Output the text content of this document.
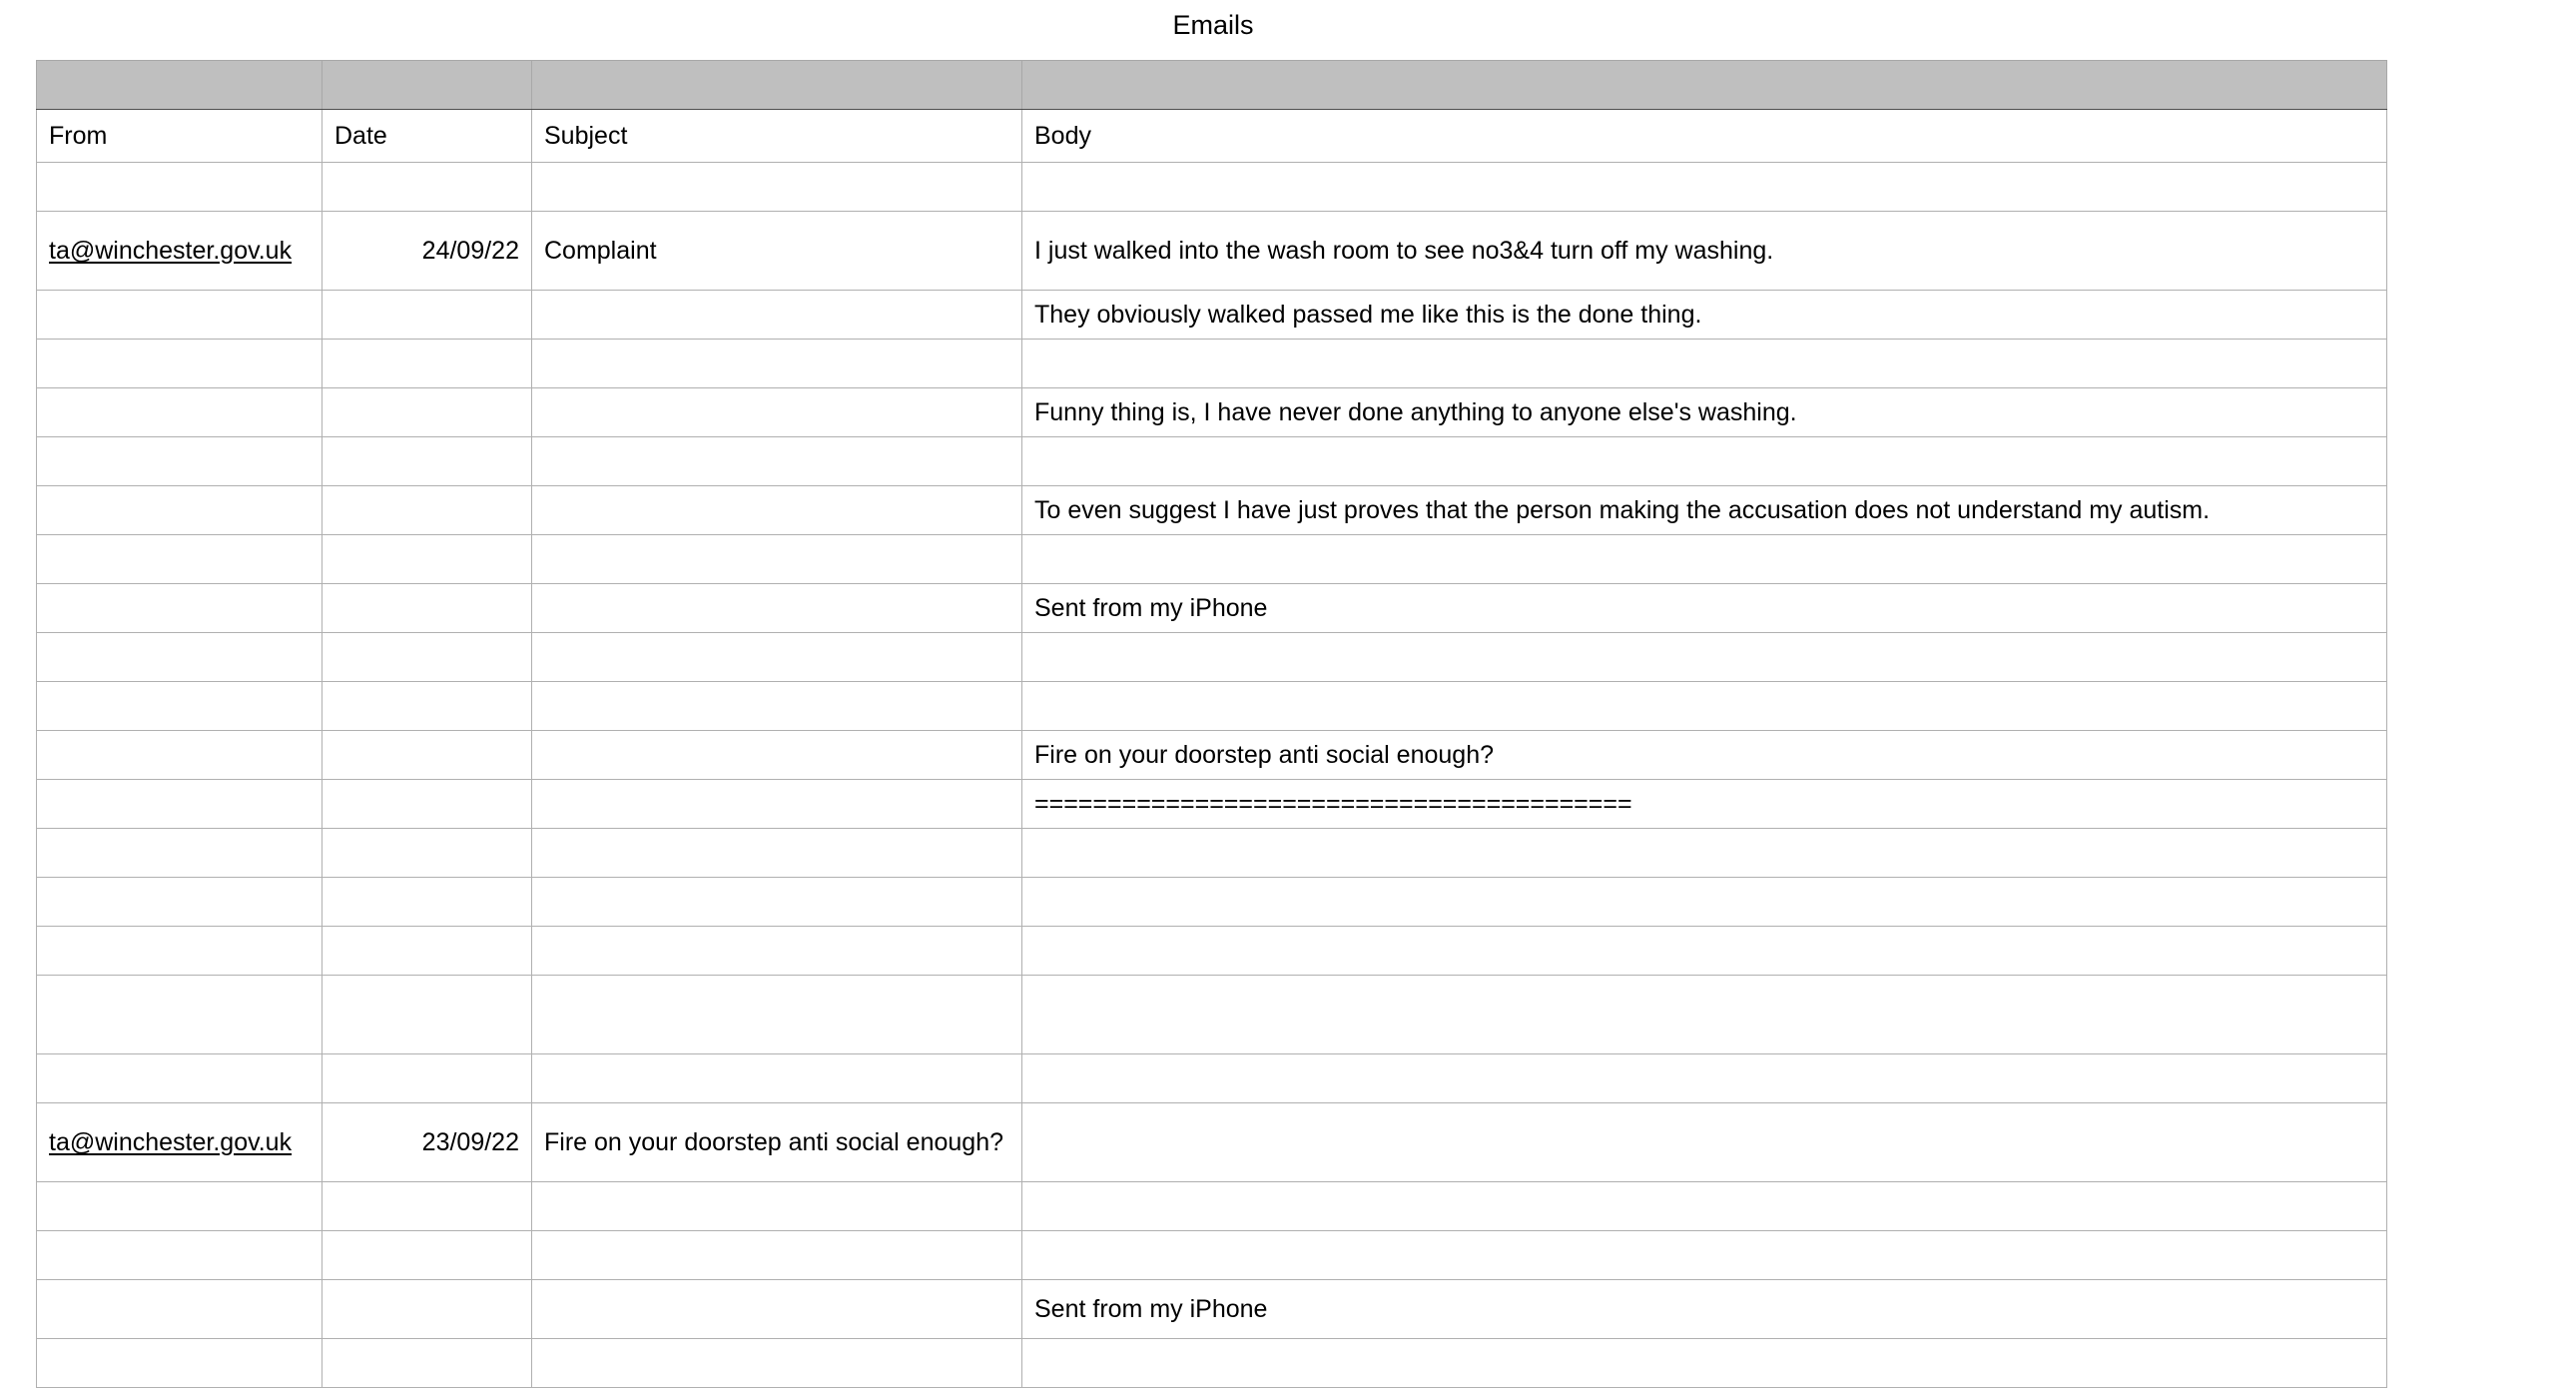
Emails

From	Date	Subject	Body

ta@winchester.gov.uk	24/09/22	Complaint	I just walked into the wash room to see no3&4 turn off my washing.
			They obviously walked passed me like this is the done thing.

			Funny thing is, I have never done anything to anyone else's washing.

			To even suggest I have just proves that the person making the accusation does not understand my autism.

			Sent from my iPhone

			Fire on your doorstep anti social enough?
			=========================================

ta@winchester.gov.uk	23/09/22	Fire on your doorstep anti social enough?	

			Sent from my iPhone
